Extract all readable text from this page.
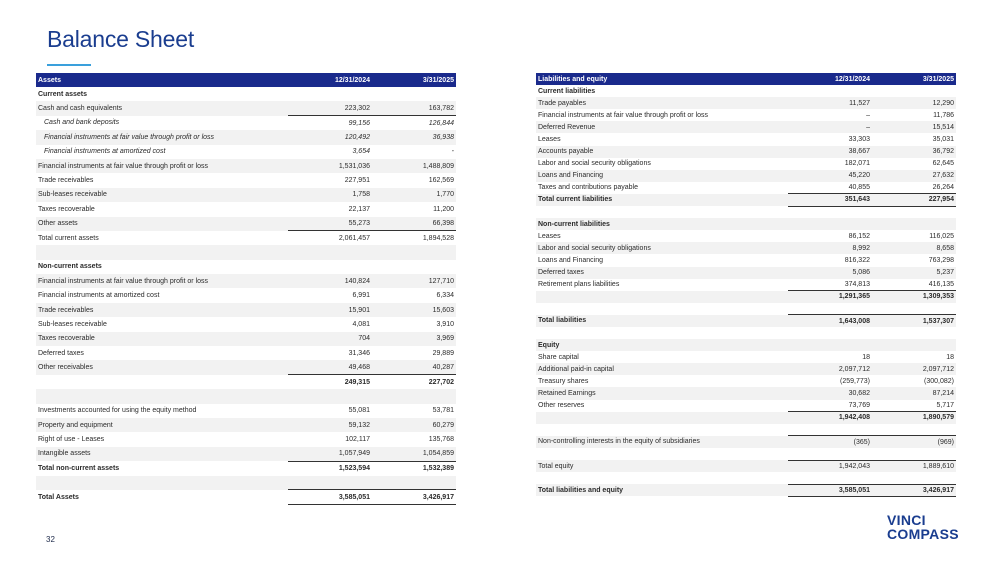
Balance Sheet
Assets	12/31/2024	3/31/2025
Current assets		
Cash and cash equivalents	223,302	163,782
Cash and bank deposits	99,156	126,844
Financial instruments at fair value through profit or loss	120,492	36,938
Financial instruments at amortized cost	3,654	-
Financial instruments at fair value through profit or loss	1,531,036	1,488,809
Trade receivables	227,951	162,569
Sub-leases receivable	1,758	1,770
Taxes recoverable	22,137	11,200
Other assets	55,273	66,398
Total current assets	2,061,457	1,894,528

Non-current assets		
Financial instruments at fair value through profit or loss	140,824	127,710
Financial instruments at amortized cost	6,991	6,334
Trade receivables	15,901	15,603
Sub-leases receivable	4,081	3,910
Taxes recoverable	704	3,969
Deferred taxes	31,346	29,889
Other receivables	49,468	40,287
	249,315	227,702

Investments accounted for using the equity method	55,081	53,781
Property and equipment	59,132	60,279
Right of use - Leases	102,117	135,768
Intangible assets	1,057,949	1,054,859
Total non-current assets	1,523,594	1,532,389

Total Assets	3,585,051	3,426,917
Liabilities and equity	12/31/2024	3/31/2025
Current liabilities		
Trade payables	11,527	12,290
Financial instruments at fair value through profit or loss	–	11,786
Deferred Revenue	–	15,514
Leases	33,303	35,031
Accounts payable	38,667	36,792
Labor and social security obligations	182,071	62,645
Loans and Financing	45,220	27,632
Taxes and contributions payable	40,855	26,264
Total current liabilities	351,643	227,954

Non-current liabilities		
Leases	86,152	116,025
Labor and social security obligations	8,992	8,658
Loans and Financing	816,322	763,298
Deferred taxes	5,086	5,237
Retirement plans liabilities	374,813	416,135
	1,291,365	1,309,353

Total liabilities	1,643,008	1,537,307

Equity		
Share capital	18	18
Additional paid-in capital	2,097,712	2,097,712
Treasury shares	(259,773)	(300,082)
Retained Earnings	30,682	87,214
Other reserves	73,769	5,717
	1,942,408	1,890,579

Non-controlling interests in the equity of subsidiaries	(365)	(969)

Total equity	1,942,043	1,889,610

Total liabilities and equity	3,585,051	3,426,917
32
VINCI
COMPASS
